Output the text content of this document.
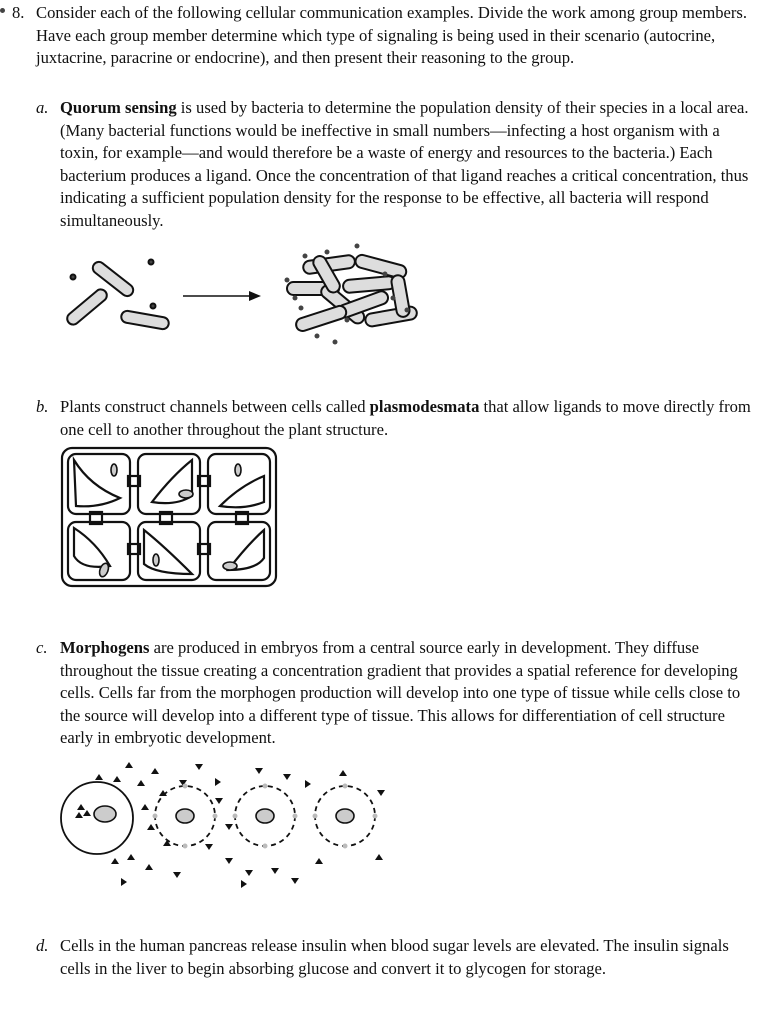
8. Consider each of the following cellular communication examples. Divide the work among group members. Have each group member determine which type of signaling is being used in their scenario (autocrine, juxtacrine, paracrine or endocrine), and then present their reasoning to the group.
a. Quorum sensing is used by bacteria to determine the population density of their species in a local area. (Many bacterial functions would be ineffective in small numbers—infecting a host organism with a toxin, for example—and would therefore be a waste of energy and resources to the bacteria.) Each bacterium produces a ligand. Once the concentration of that ligand reaches a critical concentration, thus indicating a sufficient population density for the response to be effective, all bacteria will respond simultaneously.
b. Plants construct channels between cells called plasmodesmata that allow ligands to move directly from one cell to another throughout the plant structure.
c. Morphogens are produced in embryos from a central source early in development. They diffuse throughout the tissue creating a concentration gradient that provides a spatial reference for developing cells. Cells far from the morphogen production will develop into one type of tissue while cells close to the source will develop into a different type of tissue. This allows for differentiation of cell structure early in embryotic development.
d. Cells in the human pancreas release insulin when blood sugar levels are elevated. The insulin signals cells in the liver to begin absorbing glucose and convert it to glycogen for storage.
